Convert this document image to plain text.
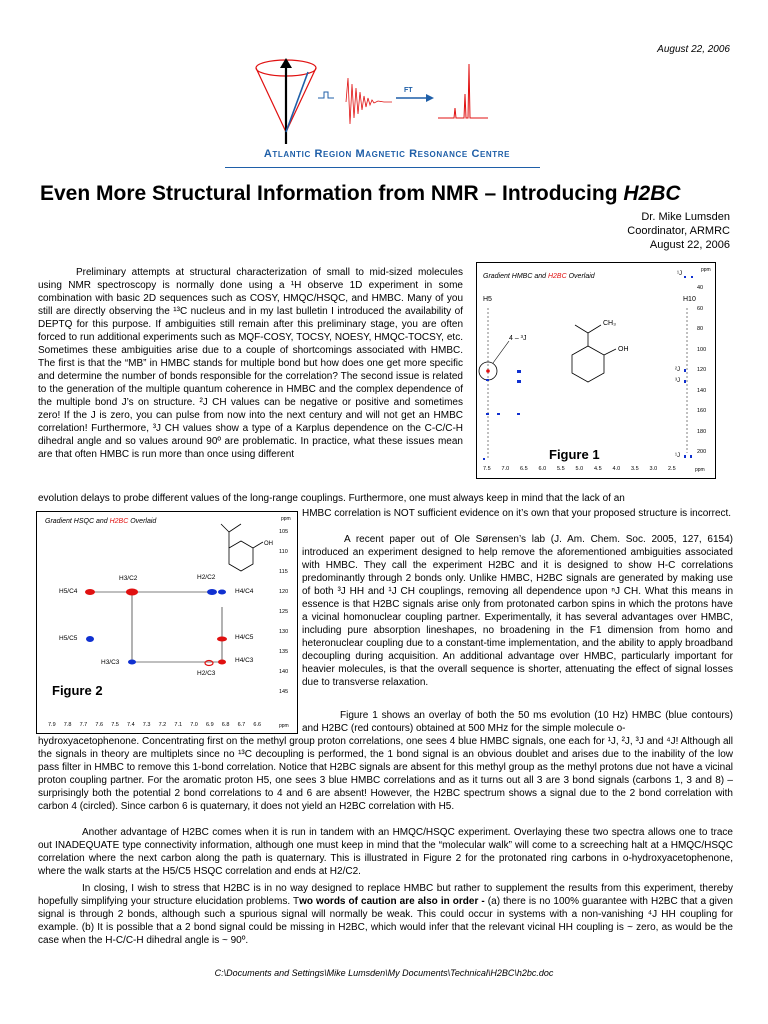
August 22, 2006
FT
Atlantic Region Magnetic Resonance Centre
Even More Structural Information from NMR – Introducing H2BC
Dr. Mike Lumsden
Coordinator, ARMRC
August 22, 2006

Preliminary attempts at structural characterization of small to mid-sized molecules using NMR spectroscopy is normally done using a ¹H observe 1D experiment in some combination with basic 2D sequences such as COSY, HMQC/HSQC, and HMBC. Many of you still are directly observing the ¹³C nucleus and in my last bulletin I introduced the availability of DEPTQ for this purpose. If ambiguities still remain after this preliminary stage, you are often forced to run additional experiments such as MQF-COSY, TOCSY, NOESY, HMQC-TOCSY, etc. Sometimes these ambiguities arise due to a couple of shortcomings associated with HMBC. The first is that the “MB” in HMBC stands for multiple bond but how does one get more specific and determine the number of bonds responsible for the correlation? The second issue is related to the generation of the multiple quantum coherence in HMBC and the complex dependence of the multiple bond J’s on structure. ²J CH values can be negative or positive and sometimes zero! If the J is zero, you can pulse from now into the next century and will not get an HMBC correlation! Furthermore, ³J CH values show a type of a Karplus dependence on the C-C/C-H dihedral angle and so values around 90º are problematic. In practice, what these issues mean are that often HMBC is run more than once using different

evolution delays to probe different values of the long-range couplings. Furthermore, one must always keep in mind that the lack of an

HMBC correlation is NOT sufficient evidence on it’s own that your proposed structure is incorrect.

Gradient HMBC and H2BC Overlaid
H5	H10
4 – ³J
¹J
²J
³J
¹J
Figure 1
CH₃
OH
ppm
40
60
80
100
120
140
160
180
200
7.5 7.0 6.5 6.0 5.5 5.0 4.5 4.0 3.5 3.0 2.5	ppm
Gradient HSQC and H2BC Overlaid
Figure 2
OH
H3/C2	H2/C2
H5/C4	H4/C4
H5/C5	H4/C5
H3/C3	H4/C3
H2/C3
ppm
105
110
115
120
125
130
135
140
145
7.9 7.8 7.7 7.6 7.5 7.4 7.3 7.2 7.1 7.0 6.9 6.8 6.7 6.6	ppm

A recent paper out of Ole Sørensen’s lab (J. Am. Chem. Soc. 2005, 127, 6154) introduced an experiment designed to help remove the aforementioned ambiguities associated with HMBC. They call the experiment H2BC and it is designed to show H-C correlations predominantly through 2 bonds only. Unlike HMBC, H2BC signals are generated by making use of both ³J HH and ¹J CH couplings, removing all dependence upon ⁿJ CH. What this means in essence is that H2BC signals arise only from protonated carbon spins in which the protons have a vicinal homonuclear coupling partner. Experimentally, it has several advantages over HMBC, including pure absorption lineshapes, no broadening in the F1 dimension from homo and heteronuclear coupling due to a constant-time implementation, and the ability to apply broadband decoupling during acquisition. An additional advantage over HMBC, particularly important for heavier molecules, is that the overall sequence is shorter, attenuating the effect of signal losses due to transverse relaxation.

Figure 1 shows an overlay of both the 50 ms evolution (10 Hz) HMBC (blue contours) and H2BC (red contours) obtained at 500 MHz for the simple molecule o-

hydroxyacetophenone. Concentrating first on the methyl group proton correlations, one sees 4 blue HMBC signals, one each for ¹J, ²J, ³J and ⁴J! Although all the signals in theory are multiplets since no ¹³C decoupling is performed, the 1 bond signal is an obvious doublet and arises due to the inability of the low pass filter in HMBC to remove this 1-bond correlation. Notice that H2BC signals are absent for this methyl group as the methyl protons due not have a vicinal proton coupling partner. For the aromatic proton H5, one sees 3 blue HMBC correlations and as it turns out all 3 are 3 bond signals (carbons 1, 3 and 8) – surprisingly both the potential 2 bond correlations to 4 and 6 are absent! However, the H2BC spectrum shows a signal due to the 2 bond correlation with carbon 4 (circled). Since carbon 6 is quaternary, it does not yield an H2BC correlation with H5.

Another advantage of H2BC comes when it is run in tandem with an HMQC/HSQC experiment. Overlaying these two spectra allows one to trace out INADEQUATE type connectivity information, although one must keep in mind that the “molecular walk” will come to a screeching halt at a HMQC/HSQC correlation where the next carbon along the path is quaternary. This is illustrated in Figure 2 for the protonated ring carbons in o-hydroxyacetophenone, where the walk starts at the H5/C5 HSQC correlation and ends at H2/C2.

In closing, I wish to stress that H2BC is in no way designed to replace HMBC but rather to supplement the results from this experiment, thereby hopefully simplifying your structure elucidation problems. Two words of caution are also in order - (a) there is no 100% guarantee with H2BC that a given signal is through 2 bonds, although such a spurious signal will normally be weak. This could occur in systems with a non-vanishing ⁴J HH coupling for example. (b) It is possible that a 2 bond signal could be missing in H2BC, which would infer that the relevant vicinal HH coupling is ~ zero, as would be the case when the H-C/C-H dihedral angle is ~ 90º.

C:\Documents and Settings\Mike Lumsden\My Documents\Technical\H2BC\h2bc.doc
